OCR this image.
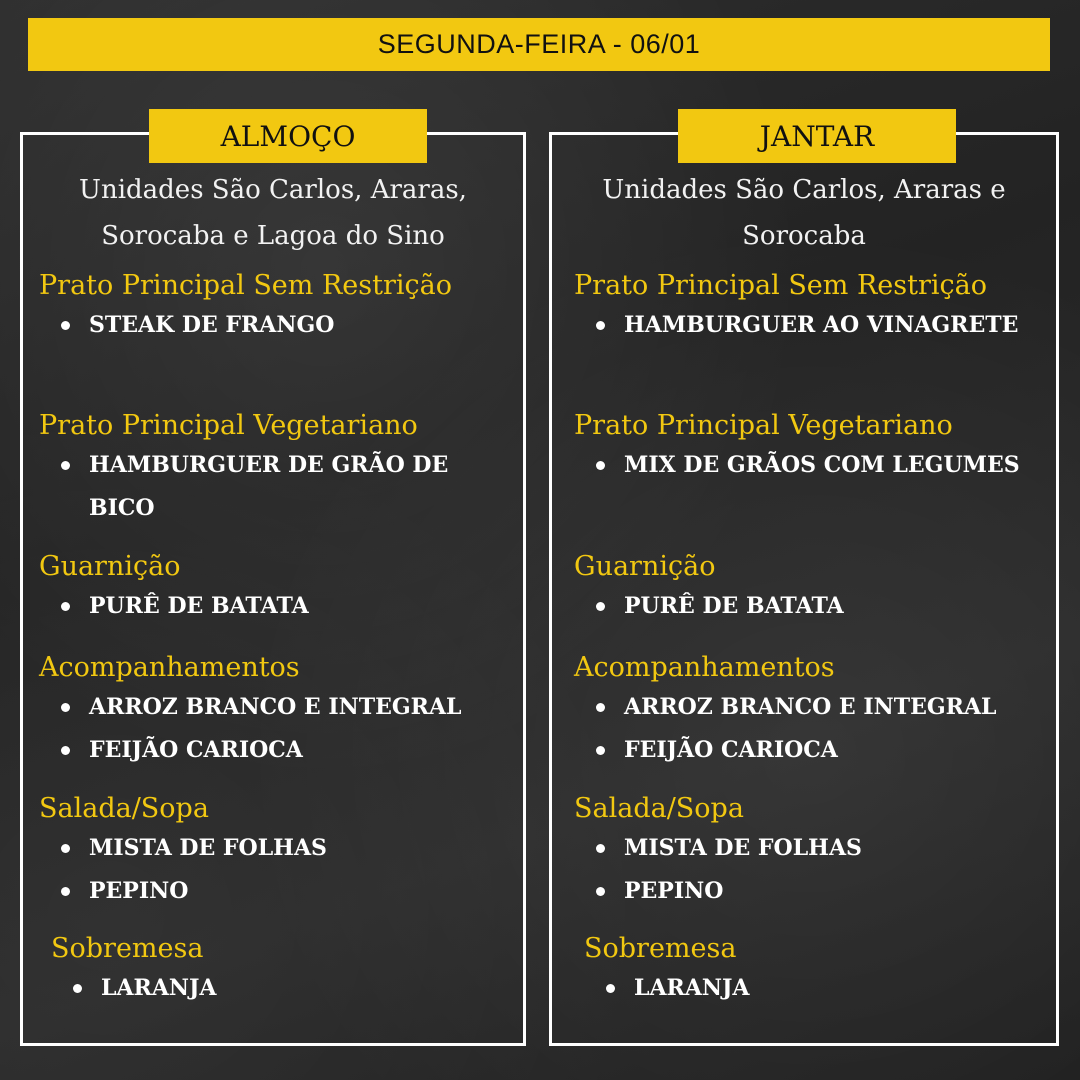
SEGUNDA-FEIRA - 06/01
ALMOÇO
Unidades São Carlos, Araras, Sorocaba e Lagoa do Sino
Prato Principal Sem Restrição
STEAK DE FRANGO
Prato Principal Vegetariano
HAMBURGUER DE GRÃO DE BICO
Guarnição
PURÊ DE BATATA
Acompanhamentos
ARROZ BRANCO E INTEGRAL
FEIJÃO CARIOCA
Salada/Sopa
MISTA DE FOLHAS
PEPINO
Sobremesa
LARANJA
JANTAR
Unidades São Carlos, Araras e Sorocaba
Prato Principal Sem Restrição
HAMBURGUER AO VINAGRETE
Prato Principal Vegetariano
MIX DE GRÃOS COM LEGUMES
Guarnição
PURÊ DE BATATA
Acompanhamentos
ARROZ BRANCO E INTEGRAL
FEIJÃO CARIOCA
Salada/Sopa
MISTA DE FOLHAS
PEPINO
Sobremesa
LARANJA
